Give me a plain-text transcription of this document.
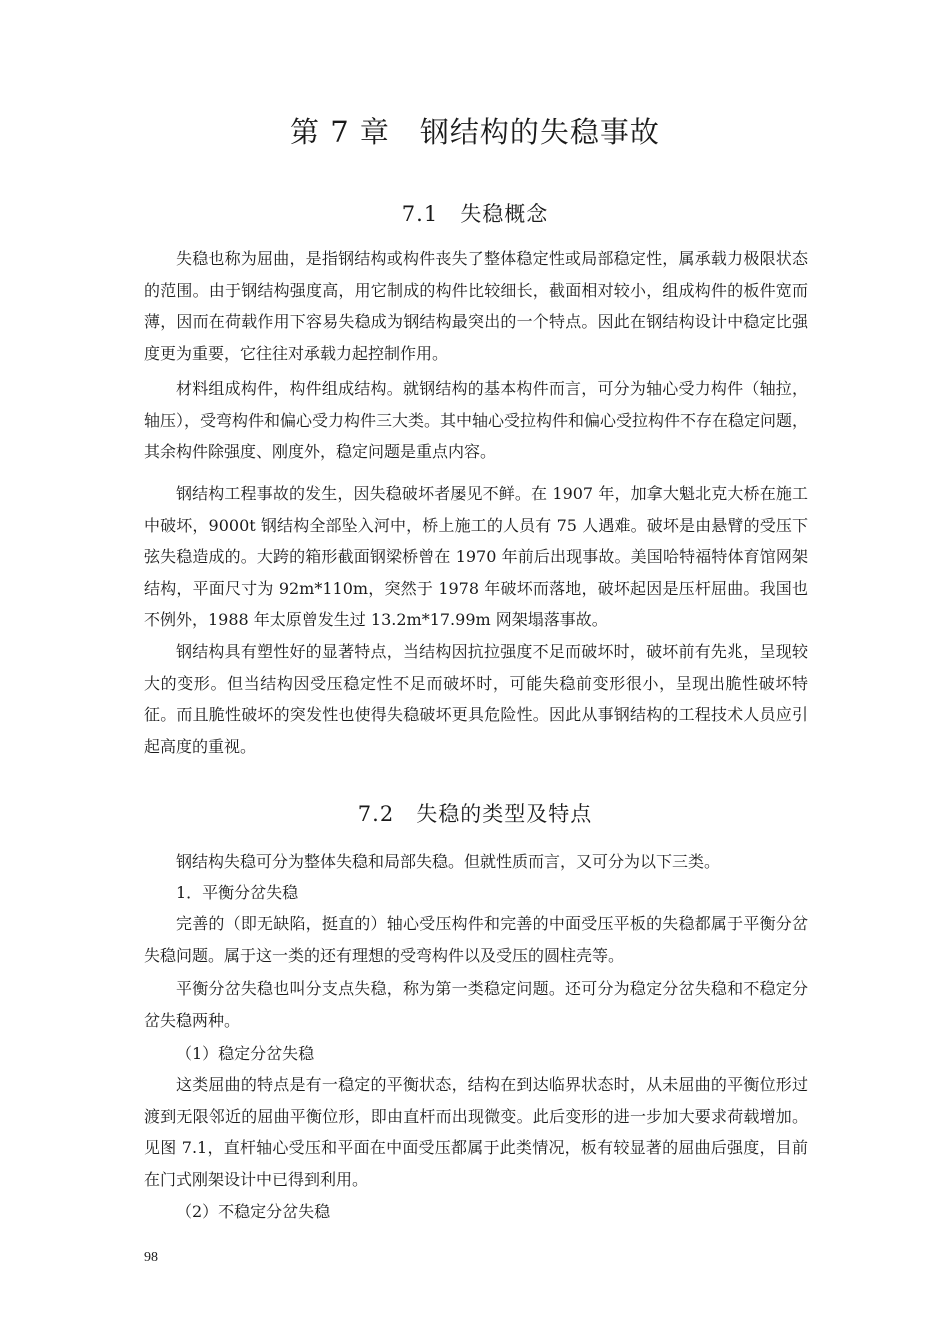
第 7 章　钢结构的失稳事故
7.1　失稳概念

失稳也称为屈曲，是指钢结构或构件丧失了整体稳定性或局部稳定性，属承载力极限状态的范围。由于钢结构强度高，用它制成的构件比较细长，截面相对较小，组成构件的板件宽而薄，因而在荷载作用下容易失稳成为钢结构最突出的一个特点。因此在钢结构设计中稳定比强度更为重要，它往往对承载力起控制作用。

材料组成构件，构件组成结构。就钢结构的基本构件而言，可分为轴心受力构件（轴拉，轴压），受弯构件和偏心受力构件三大类。其中轴心受拉构件和偏心受拉构件不存在稳定问题，其余构件除强度、刚度外，稳定问题是重点内容。

钢结构工程事故的发生，因失稳破坏者屡见不鲜。在 1907 年，加拿大魁北克大桥在施工中破坏，9000t 钢结构全部坠入河中，桥上施工的人员有 75 人遇难。破坏是由悬臂的受压下弦失稳造成的。大跨的箱形截面钢梁桥曾在 1970 年前后出现事故。美国哈特福特体育馆网架结构，平面尺寸为 92m*110m，突然于 1978 年破坏而落地，破坏起因是压杆屈曲。我国也不例外，1988 年太原曾发生过 13.2m*17.99m 网架塌落事故。

钢结构具有塑性好的显著特点，当结构因抗拉强度不足而破坏时，破坏前有先兆，呈现较大的变形。但当结构因受压稳定性不足而破坏时，可能失稳前变形很小，呈现出脆性破坏特征。而且脆性破坏的突发性也使得失稳破坏更具危险性。因此从事钢结构的工程技术人员应引起高度的重视。

7.2　失稳的类型及特点

钢结构失稳可分为整体失稳和局部失稳。但就性质而言，又可分为以下三类。

1．平衡分岔失稳

完善的（即无缺陷，挺直的）轴心受压构件和完善的中面受压平板的失稳都属于平衡分岔失稳问题。属于这一类的还有理想的受弯构件以及受压的圆柱壳等。

平衡分岔失稳也叫分支点失稳，称为第一类稳定问题。还可分为稳定分岔失稳和不稳定分岔失稳两种。

（1）稳定分岔失稳

这类屈曲的特点是有一稳定的平衡状态，结构在到达临界状态时，从未屈曲的平衡位形过渡到无限邻近的屈曲平衡位形，即由直杆而出现微变。此后变形的进一步加大要求荷载增加。见图 7.1，直杆轴心受压和平面在中面受压都属于此类情况，板有较显著的屈曲后强度，目前在门式刚架设计中已得到利用。

（2）不稳定分岔失稳

98
